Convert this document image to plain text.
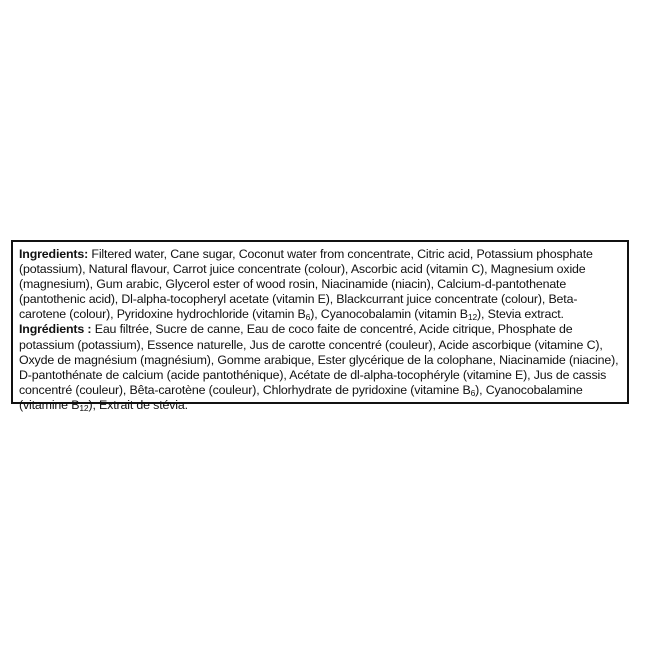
Ingredients: Filtered water, Cane sugar, Coconut water from concentrate, Citric acid, Potassium phosphate (potassium), Natural flavour, Carrot juice concentrate (colour), Ascorbic acid (vitamin C), Magnesium oxide (magnesium), Gum arabic, Glycerol ester of wood rosin, Niacinamide (niacin), Calcium-d-pantothenate (pantothenic acid), Dl-alpha-tocopheryl acetate (vitamin E), Blackcurrant juice concentrate (colour), Beta-carotene (colour), Pyridoxine hydrochloride (vitamin $B_6$), Cyanocobalamin (vitamin $B_{12}$), Stevia extract.

Ingrédients : Eau filtrée, Sucre de canne, Eau de coco faite de concentré, Acide citrique, Phosphate de potassium (potassium), Essence naturelle, Jus de carotte concentré (couleur), Acide ascorbique (vitamine C), Oxyde de magnésium (magnésium), Gomme arabique, Ester glycérique de la colophane, Niacinamide (niacine), D-pantothénate de calcium (acide pantothénique), Acétate de dl-alpha-tocophéryle (vitamine E), Jus de cassis concentré (couleur), Bêta-carotène (couleur), Chlorhydrate de pyridoxine (vitamine $B_6$), Cyanocobalamine (vitamine $B_{12}$), Extrait de stévia.
